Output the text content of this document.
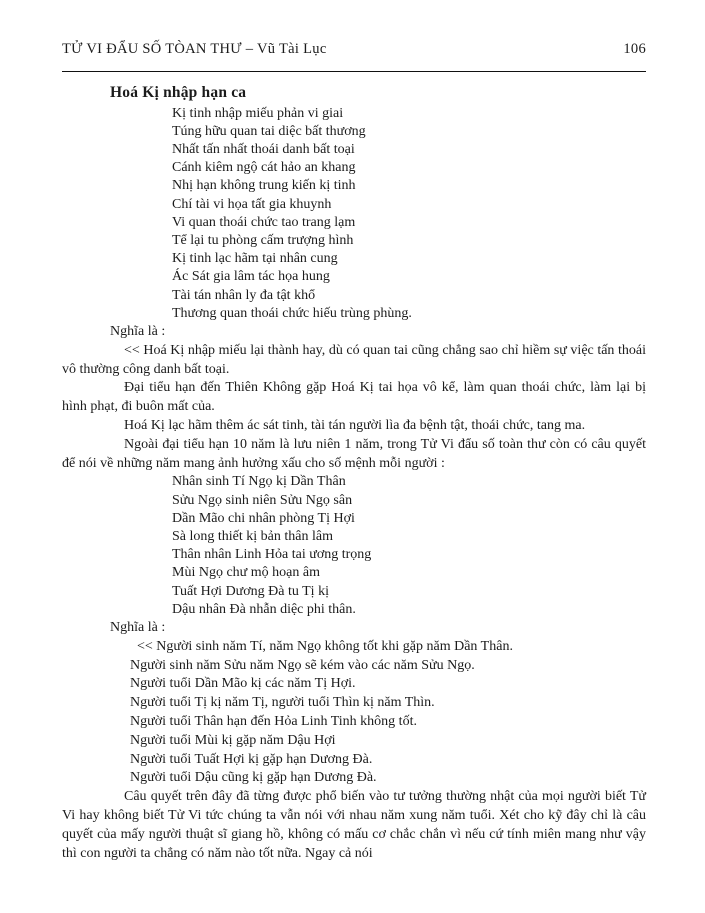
TỬ VI ĐẨU SỐ TÒAN THƯ – Vũ Tài Lục	106
Hoá Kị nhập hạn ca
Kị tinh nhập miếu phản vi giai
Túng hữu quan tai diệc bất thương
Nhất tấn nhất thoái danh bất toại
Cánh kiêm ngộ cát hảo an khang
Nhị hạn không trung kiến kị tinh
Chí tài vi họa tất gia khuynh
Vi quan thoái chức tao trang lạm
Tể lại tu phòng cấm trượng hình
Kị tinh lạc hãm tại nhân cung
Ác Sát gia lâm tác họa hung
Tài tán nhân ly đa tật khổ
Thương quan thoái chức hiếu trùng phùng.
Nghĩa là :

<< Hoá Kị nhập miếu lại thành hay, dù có quan tai cũng chẳng sao chỉ hiềm sự việc tấn thoái vô thường công danh bất toại.

Đại tiểu hạn đến Thiên Không gặp Hoá Kị tai họa vô kể, làm quan thoái chức, làm lại bị hình phạt, đi buôn mất của.

Hoá Kị lạc hãm thêm ác sát tinh, tài tán người lìa đa bệnh tật, thoái chức, tang ma.

Ngoài đại tiểu hạn 10 năm là lưu niên 1 năm, trong Tử Vi đẩu số toàn thư còn có câu quyết để nói về những năm mang ảnh hưởng xấu cho số mệnh mỗi người :

Nhân sinh Tí Ngọ kị Dần Thân
Sửu Ngọ sinh niên Sửu Ngọ sân
Dần Mão chi nhân phòng Tị Hợi
Sà long thiết kị bản thân lâm
Thân nhân Linh Hỏa tai ương trọng
Mùi Ngọ chư mộ hoạn âm
Tuất Hợi Dương Đà tu Tị kị
Dậu nhân Đà nhẫn diệc phi thân.
Nghĩa là :
<< Người sinh năm Tí, năm Ngọ không tốt khi gặp năm Dần Thân.
Người sinh năm Sửu năm Ngọ sẽ kém vào các năm Sửu Ngọ.
Người tuổi Dần Mão kị các năm Tị Hợi.
Người tuổi Tị kị năm Tị, người tuổi Thìn kị năm Thìn.
Người tuổi Thân hạn đến Hỏa Linh Tinh không tốt.
Người tuổi Mùi kị gặp năm Dậu Hợi
Người tuổi Tuất Hợi kị gặp hạn Dương Đà.
Người tuổi Dậu cũng kị gặp hạn Dương Đà.

Câu quyết trên đây đã từng được phổ biến vào tư tưởng thường nhật của mọi người biết Tử Vi hay không biết Tử Vi tức chúng ta vẫn nói với nhau năm xung năm tuổi. Xét cho kỹ đây chỉ là câu quyết của mấy người thuật sĩ giang hồ, không có mấu cơ chắc chắn vì nếu cứ tính miên mang như vậy thì con người ta chẳng có năm nào tốt nữa. Ngay cả nói
